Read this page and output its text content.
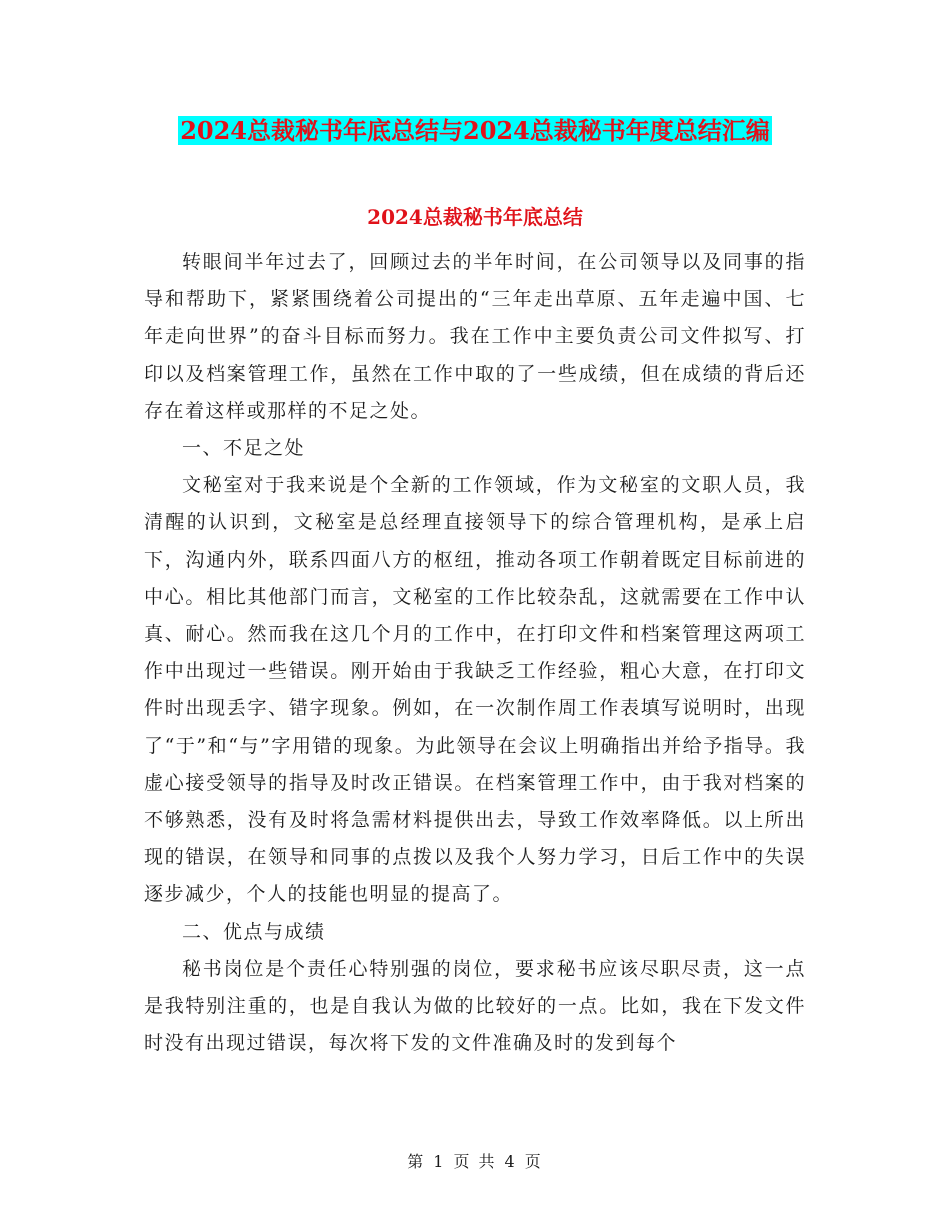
2024总裁秘书年底总结与2024总裁秘书年度总结汇编
2024总裁秘书年底总结

转眼间半年过去了，回顾过去的半年时间，在公司领导以及同事的指导和帮助下，紧紧围绕着公司提出的“三年走出草原、五年走遍中国、七年走向世界”的奋斗目标而努力。我在工作中主要负责公司文件拟写、打印以及档案管理工作，虽然在工作中取的了一些成绩，但在成绩的背后还存在着这样或那样的不足之处。

一、不足之处

文秘室对于我来说是个全新的工作领域，作为文秘室的文职人员，我清醒的认识到，文秘室是总经理直接领导下的综合管理机构，是承上启下，沟通内外，联系四面八方的枢纽，推动各项工作朝着既定目标前进的中心。相比其他部门而言，文秘室的工作比较杂乱，这就需要在工作中认真、耐心。然而我在这几个月的工作中，在打印文件和档案管理这两项工作中出现过一些错误。刚开始由于我缺乏工作经验，粗心大意，在打印文件时出现丢字、错字现象。例如，在一次制作周工作表填写说明时，出现了“于”和“与”字用错的现象。为此领导在会议上明确指出并给予指导。我虚心接受领导的指导及时改正错误。在档案管理工作中，由于我对档案的不够熟悉，没有及时将急需材料提供出去，导致工作效率降低。以上所出现的错误，在领导和同事的点拨以及我个人努力学习，日后工作中的失误逐步减少，个人的技能也明显的提高了。

二、优点与成绩

秘书岗位是个责任心特别强的岗位，要求秘书应该尽职尽责，这一点是我特别注重的，也是自我认为做的比较好的一点。比如，我在下发文件时没有出现过错误，每次将下发的文件准确及时的发到每个

第 1 页 共 4 页
